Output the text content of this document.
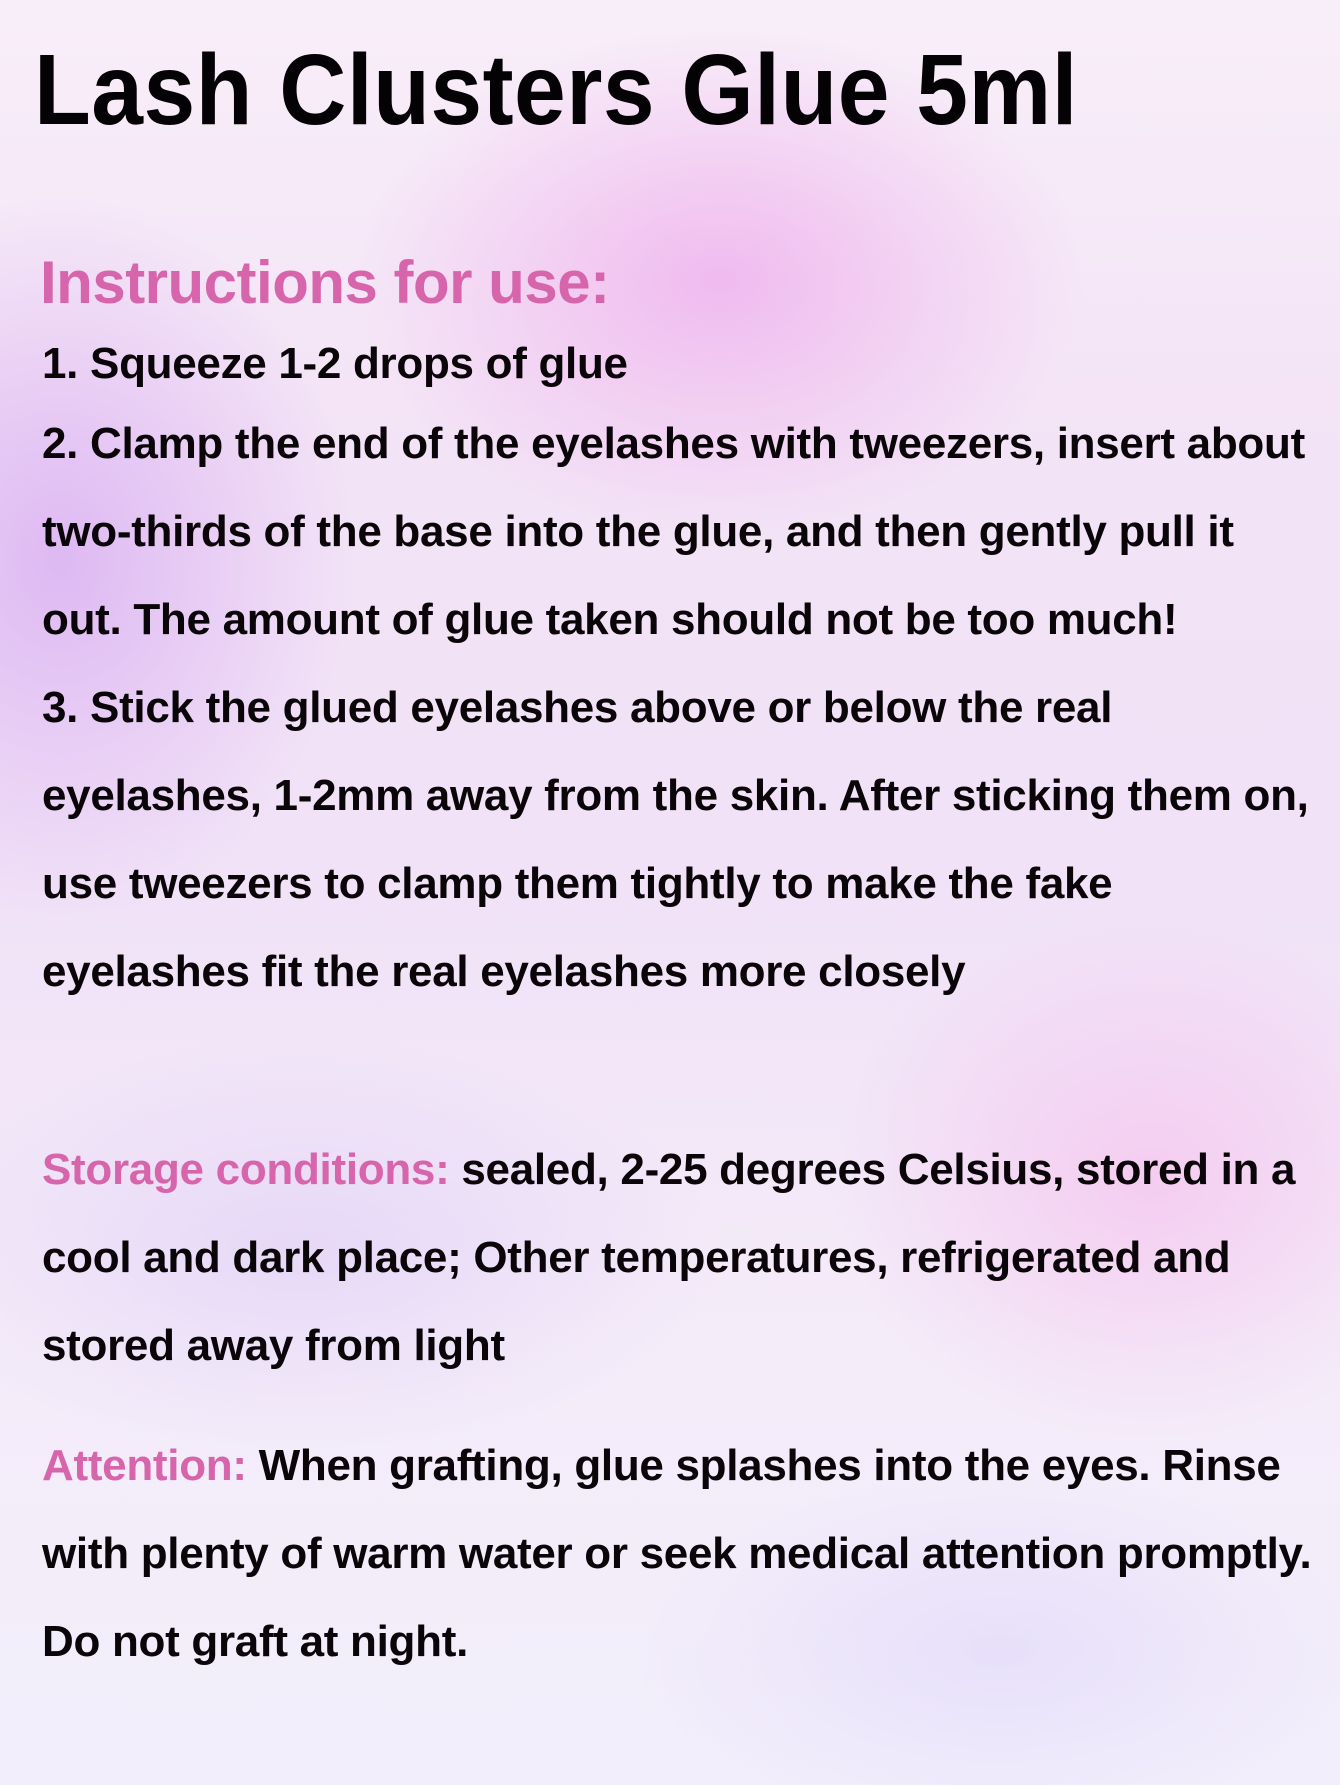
Lash Clusters Glue 5ml
Instructions for use:
1. Squeeze 1-2 drops of glue
2. Clamp the end of the eyelashes with tweezers, insert about two-thirds of the base into the glue, and then gently pull it out. The amount of glue taken should not be too much!
3. Stick the glued eyelashes above or below the real eyelashes, 1-2mm away from the skin. After sticking them on, use tweezers to clamp them tightly to make the fake eyelashes fit the real eyelashes more closely
Storage conditions: sealed, 2-25 degrees Celsius, stored in a cool and dark place; Other temperatures, refrigerated and stored away from light
Attention: When grafting, glue splashes into the eyes. Rinse with plenty of warm water or seek medical attention promptly. Do not graft at night.
